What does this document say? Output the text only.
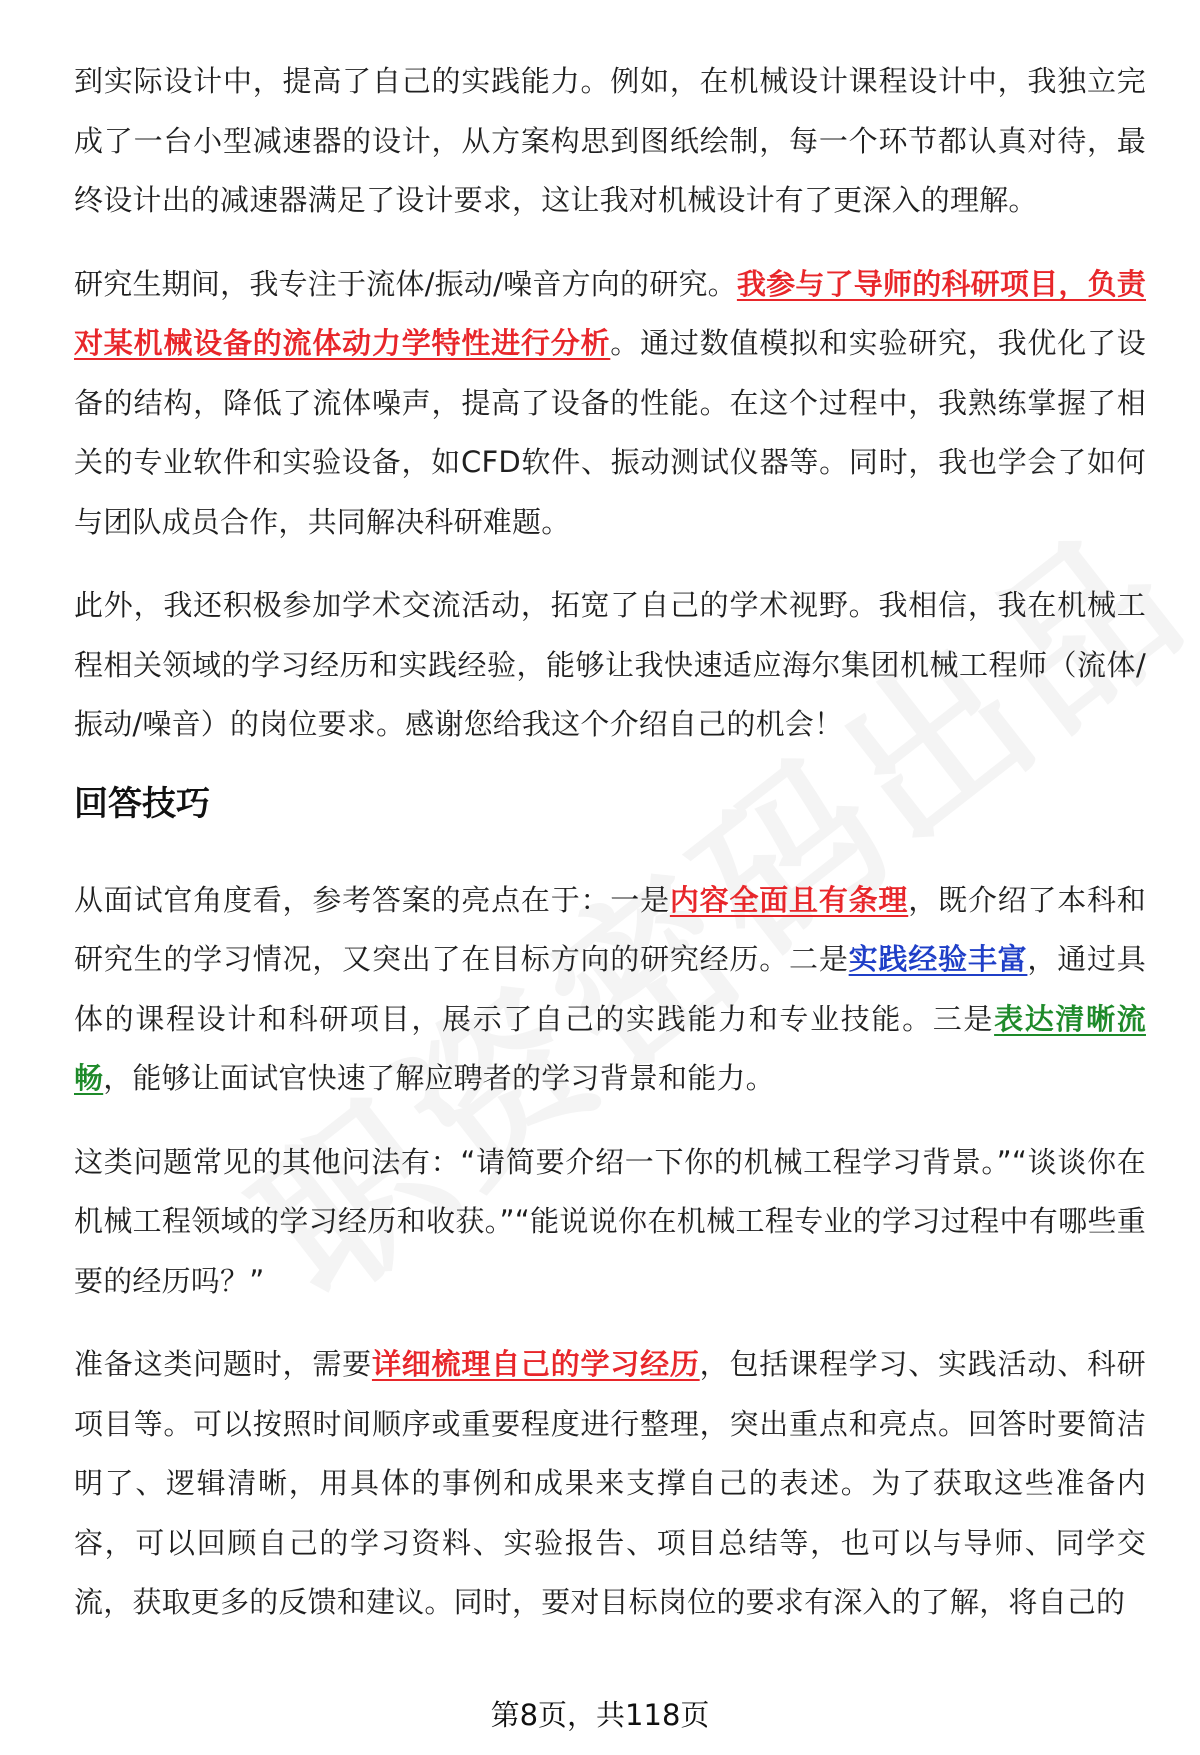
到实际设计中，提高了自己的实践能力。例如，在机械设计课程设计中，我独立完成了一台小型减速器的设计，从方案构思到图纸绘制，每一个环节都认真对待，最终设计出的减速器满足了设计要求，这让我对机械设计有了更深入的理解。

研究生期间，我专注于流体/振动/噪音方向的研究。我参与了导师的科研项目，负责对某机械设备的流体动力学特性进行分析。通过数值模拟和实验研究，我优化了设备的结构，降低了流体噪声，提高了设备的性能。在这个过程中，我熟练掌握了相关的专业软件和实验设备，如CFD软件、振动测试仪器等。同时，我也学会了如何与团队成员合作，共同解决科研难题。

此外，我还积极参加学术交流活动，拓宽了自己的学术视野。我相信，我在机械工程相关领域的学习经历和实践经验，能够让我快速适应海尔集团机械工程师（流体/振动/噪音）的岗位要求。感谢您给我这个介绍自己的机会！

回答技巧

从面试官角度看，参考答案的亮点在于：一是内容全面且有条理，既介绍了本科和研究生的学习情况，又突出了在目标方向的研究经历。二是实践经验丰富，通过具体的课程设计和科研项目，展示了自己的实践能力和专业技能。三是表达清晰流畅，能够让面试官快速了解应聘者的学习背景和能力。

这类问题常见的其他问法有：“请简要介绍一下你的机械工程学习背景。”“谈谈你在机械工程领域的学习经历和收获。”“能说说你在机械工程专业的学习过程中有哪些重要的经历吗？”

准备这类问题时，需要详细梳理自己的学习经历，包括课程学习、实践活动、科研项目等。可以按照时间顺序或重要程度进行整理，突出重点和亮点。回答时要简洁明了、逻辑清晰，用具体的事例和成果来支撑自己的表述。为了获取这些准备内容，可以回顾自己的学习资料、实验报告、项目总结等，也可以与导师、同学交流，获取更多的反馈和建议。同时，要对目标岗位的要求有深入的了解，将自己的

第8页，共118页
